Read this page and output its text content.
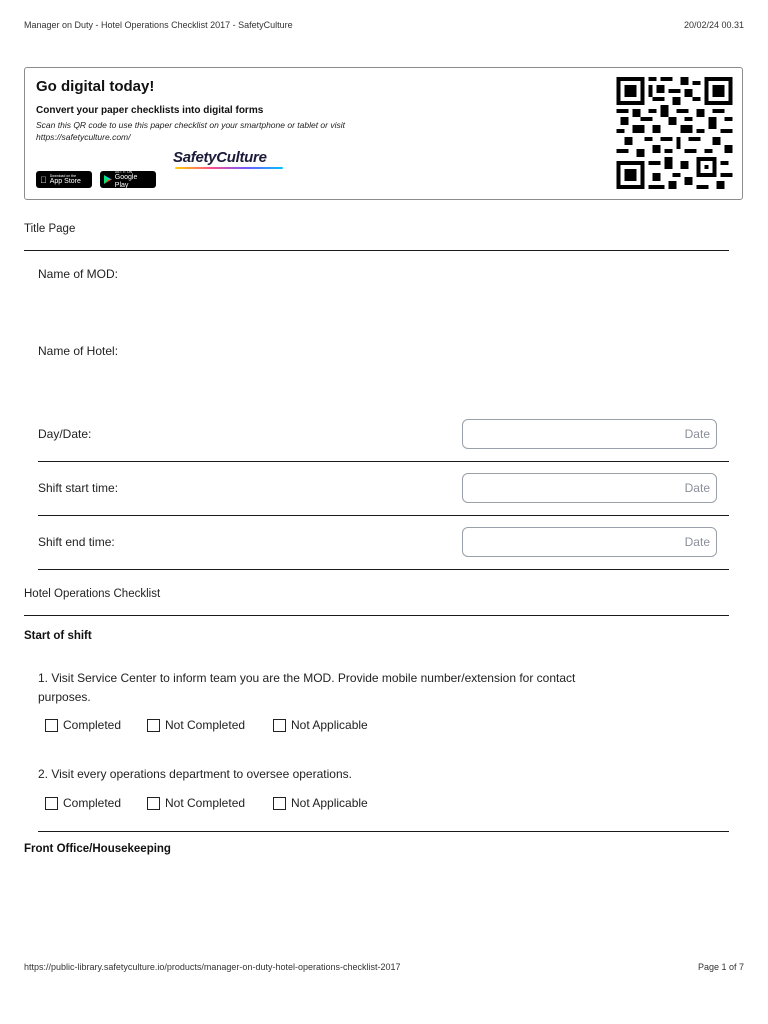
Manager on Duty - Hotel Operations Checklist 2017 - SafetyCulture	20/02/24 00.31
Go digital today!
Convert your paper checklists into digital forms
Scan this QR code to use this paper checklist on your smartphone or tablet or visit https://safetyculture.com/
Download on the
App Store
GET IT ON
Google Play
SafetyCulture
Title Page
Name of MOD:
Name of Hotel:
Day/Date:	Date
Shift start time:	Date
Shift end time:	Date
Hotel Operations Checklist
Start of shift
1. Visit Service Center to inform team you are the MOD. Provide mobile number/extension for contact purposes.
Completed	Not Completed	Not Applicable
2. Visit every operations department to oversee operations.
Completed	Not Completed	Not Applicable
Front Office/Housekeeping
https://public-library.safetyculture.io/products/manager-on-duty-hotel-operations-checklist-2017	Page 1 of 7
